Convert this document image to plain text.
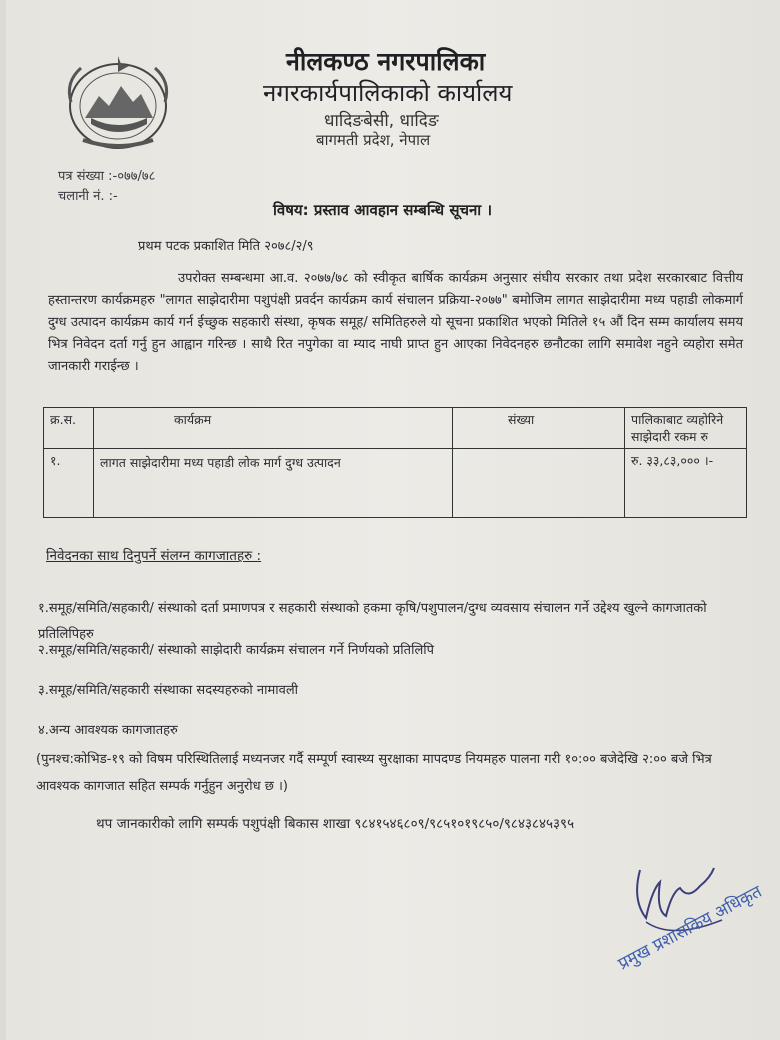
नीलकण्ठ नगरपालिका
नगरकार्यपालिकाको कार्यालय
धादिङबेसी, धादिङ
बागमती प्रदेश, नेपाल
पत्र संख्या :-०७७/७८
चलानी नं. :-
विषय: प्रस्ताव आवहान सम्बन्धि सूचना ।
प्रथम पटक प्रकाशित मिति २०७८/२/९
उपरोक्त सम्बन्धमा आ.व. २०७७/७८ को स्वीकृत बार्षिक कार्यक्रम अनुसार संघीय सरकार तथा प्रदेश सरकारबाट वित्तीय हस्तान्तरण कार्यक्रमहरु "लागत साझेदारीमा पशुपंक्षी प्रवर्दन कार्यक्रम कार्य संचालन प्रक्रिया-२०७७" बमोजिम लागत साझेदारीमा मध्य पहाडी लोकमार्ग दुग्ध उत्पादन कार्यक्रम कार्य गर्न ईच्छुक सहकारी संस्था, कृषक समूह/ समितिहरुले यो सूचना प्रकाशित भएको मितिले १५ औं दिन सम्म कार्यालय समय भित्र निवेदन दर्ता गर्नु हुन आह्वान गरिन्छ । साथै रित नपुगेका वा म्याद नाघी प्राप्त हुन आएका निवेदनहरु छनौटका लागि समावेश नहुने व्यहोरा समेत जानकारी गराईन्छ ।
क्र.स.	कार्यक्रम	संख्या	पालिकाबाट व्यहोरिने साझेदारी रकम रु
१.	लागत साझेदारीमा मध्य पहाडी लोक मार्ग दुग्ध उत्पादन		रु. ३३,८३,००० ।-
निवेदनका साथ दिनुपर्ने संलग्न कागजातहरु :
१.समूह/समिति/सहकारी/ संस्थाको दर्ता प्रमाणपत्र र सहकारी संस्थाको हकमा कृषि/पशुपालन/दुग्ध व्यवसाय संचालन गर्ने उद्देश्य खुल्ने कागजातको प्रतिलिपिहरु
२.समूह/समिति/सहकारी/ संस्थाको साझेदारी कार्यक्रम संचालन गर्ने निर्णयको प्रतिलिपि
३.समूह/समिति/सहकारी संस्थाका सदस्यहरुको नामावली
४.अन्य आवश्यक कागजातहरु
(पुनश्च:कोभिड-१९ को विषम परिस्थितिलाई मध्यनजर गर्दै सम्पूर्ण स्वास्थ्य सुरक्षाका मापदण्ड नियमहरु पालना गरी १०:०० बजेदेखि २:०० बजे भित्र आवश्यक कागजात सहित सम्पर्क गर्नुहुन अनुरोध छ ।)
थप जानकारीको लागि सम्पर्क पशुपंक्षी बिकास शाखा ९८४१५४६८०९/९८५१०१९८५०/९८४३८४५३९५
प्रमुख प्रशासकिय अधिकृत
